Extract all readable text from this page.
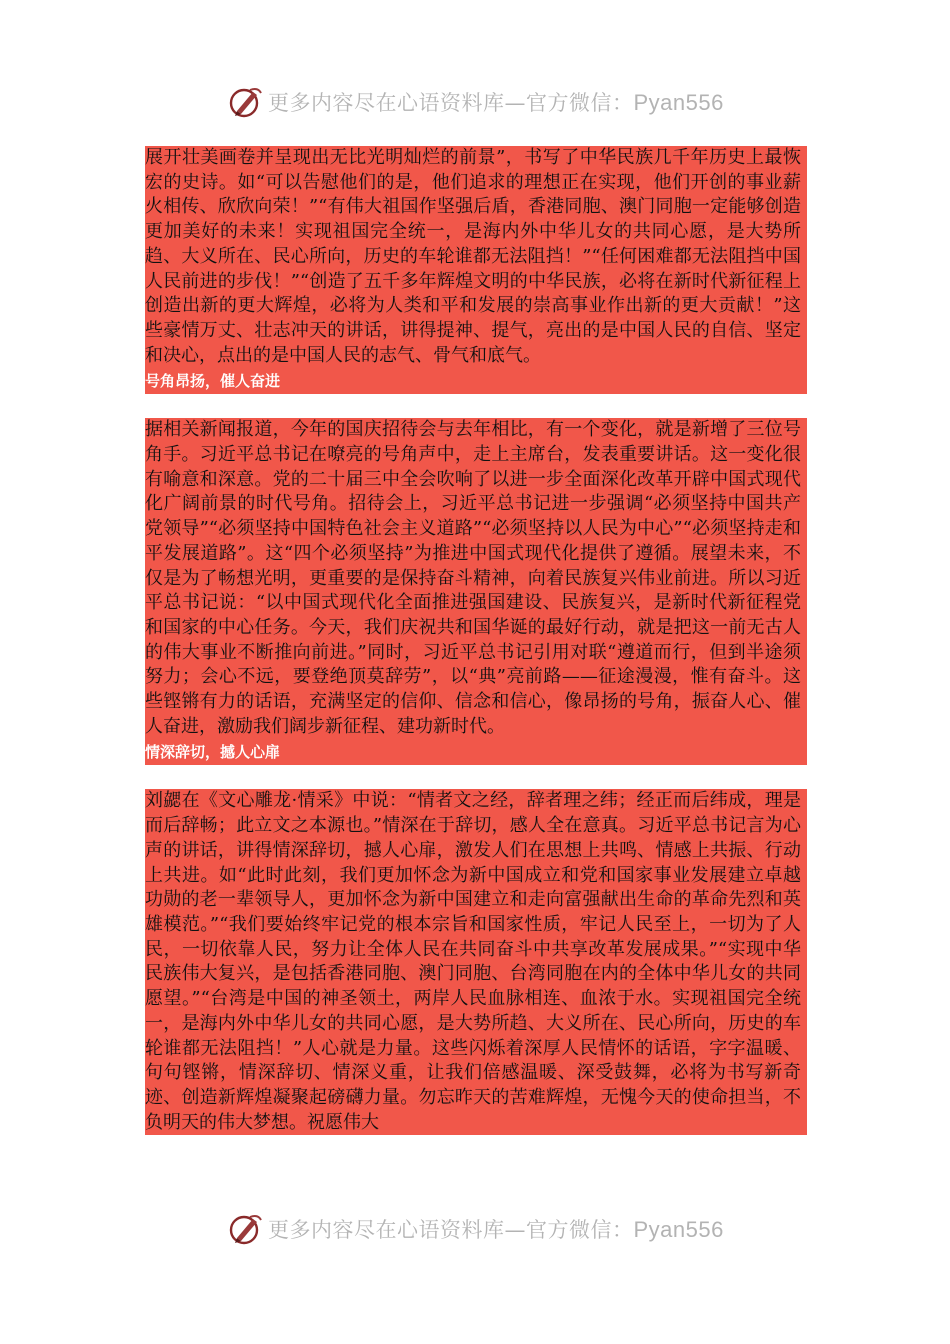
更多内容尽在心语资料库—官方微信：Pyan556

展开壮美画卷并呈现出无比光明灿烂的前景”，书写了中华民族几千年历史上最恢宏的史诗。如“可以告慰他们的是，他们追求的理想正在实现，他们开创的事业薪火相传、欣欣向荣！”“有伟大祖国作坚强后盾，香港同胞、澳门同胞一定能够创造更加美好的未来！实现祖国完全统一，是海内外中华儿女的共同心愿，是大势所趋、大义所在、民心所向，历史的车轮谁都无法阻挡！”“任何困难都无法阻挡中国人民前进的步伐！”“创造了五千多年辉煌文明的中华民族，必将在新时代新征程上创造出新的更大辉煌，必将为人类和平和发展的崇高事业作出新的更大贡献！”这些豪情万丈、壮志冲天的讲话，讲得提神、提气，亮出的是中国人民的自信、坚定和决心，点出的是中国人民的志气、骨气和底气。

号角昂扬，催人奋进

据相关新闻报道，今年的国庆招待会与去年相比，有一个变化，就是新增了三位号角手。习近平总书记在嘹亮的号角声中，走上主席台，发表重要讲话。这一变化很有喻意和深意。党的二十届三中全会吹响了以进一步全面深化改革开辟中国式现代化广阔前景的时代号角。招待会上，习近平总书记进一步强调“必须坚持中国共产党领导”“必须坚持中国特色社会主义道路”“必须坚持以人民为中心”“必须坚持走和平发展道路”。这“四个必须坚持”为推进中国式现代化提供了遵循。展望未来，不仅是为了畅想光明，更重要的是保持奋斗精神，向着民族复兴伟业前进。所以习近平总书记说：“以中国式现代化全面推进强国建设、民族复兴，是新时代新征程党和国家的中心任务。今天，我们庆祝共和国华诞的最好行动，就是把这一前无古人的伟大事业不断推向前进。”同时，习近平总书记引用对联“遵道而行，但到半途须努力；会心不远，要登绝顶莫辞劳”，以“典”亮前路——征途漫漫，惟有奋斗。这些铿锵有力的话语，充满坚定的信仰、信念和信心，像昂扬的号角，振奋人心、催人奋进，激励我们阔步新征程、建功新时代。

情深辞切，撼人心扉

刘勰在《文心雕龙·情采》中说：“情者文之经，辞者理之纬；经正而后纬成，理是而后辞畅；此立文之本源也。”情深在于辞切，感人全在意真。习近平总书记言为心声的讲话，讲得情深辞切，撼人心扉，激发人们在思想上共鸣、情感上共振、行动上共进。如“此时此刻，我们更加怀念为新中国成立和党和国家事业发展建立卓越功勋的老一辈领导人，更加怀念为新中国建立和走向富强献出生命的革命先烈和英雄模范。”“我们要始终牢记党的根本宗旨和国家性质，牢记人民至上，一切为了人民，一切依靠人民，努力让全体人民在共同奋斗中共享改革发展成果。”“实现中华民族伟大复兴，是包括香港同胞、澳门同胞、台湾同胞在内的全体中华儿女的共同愿望。”“台湾是中国的神圣领土，两岸人民血脉相连、血浓于水。实现祖国完全统一，是海内外中华儿女的共同心愿，是大势所趋、大义所在、民心所向，历史的车轮谁都无法阻挡！”人心就是力量。这些闪烁着深厚人民情怀的话语，字字温暖、句句铿锵，情深辞切、情深义重，让我们倍感温暖、深受鼓舞，必将为书写新奇迹、创造新辉煌凝聚起磅礴力量。勿忘昨天的苦难辉煌，无愧今天的使命担当，不负明天的伟大梦想。祝愿伟大

更多内容尽在心语资料库—官方微信：Pyan556
